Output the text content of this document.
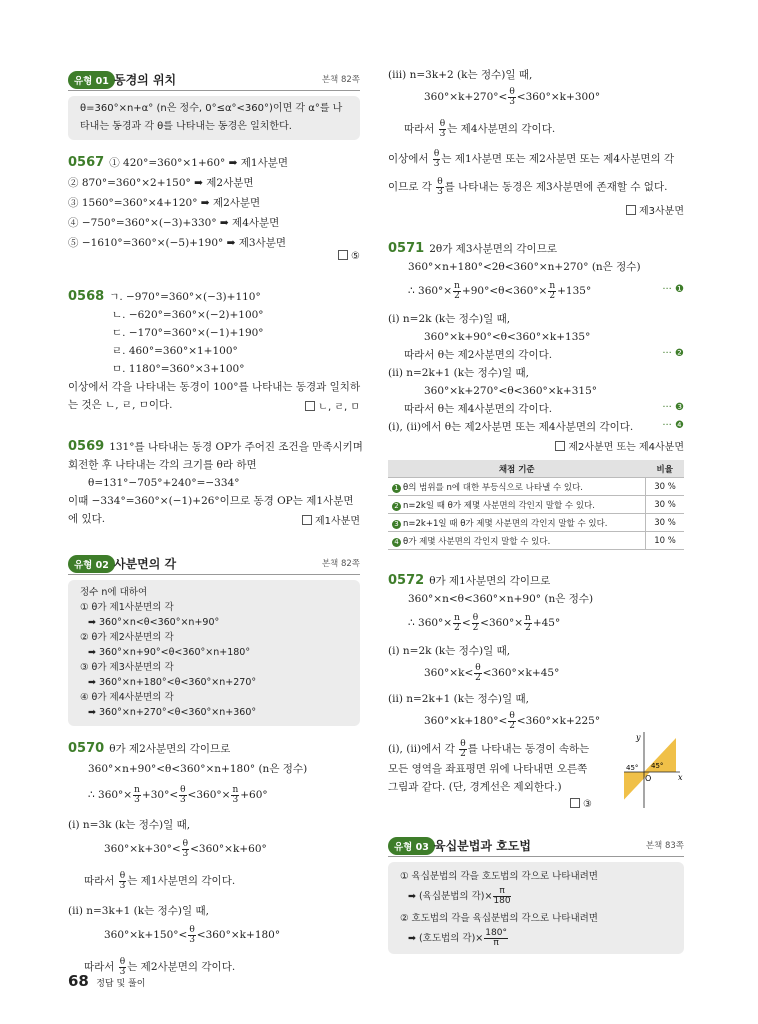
유형 01 동경의 위치	본책 82쪽
θ=360°×n+α° (n은 정수, 0°≤α°<360°)이면 각 α°를 나
타내는 동경과 각 θ를 나타내는 동경은 일치한다.
0567 ① 420°=360°×1+60° ➡ 제1사분면
② 870°=360°×2+150° ➡ 제2사분면
③ 1560°=360°×4+120° ➡ 제2사분면
④ −750°=360°×(−3)+330° ➡ 제4사분면
⑤ −1610°=360°×(−5)+190° ➡ 제3사분면
⑤
0568 ㄱ. −970°=360°×(−3)+110°
ㄴ. −620°=360°×(−2)+100°
ㄷ. −170°=360°×(−1)+190°
ㄹ. 460°=360°×1+100°
ㅁ. 1180°=360°×3+100°
이상에서 각을 나타내는 동경이 100°를 나타내는 동경과 일치하
는 것은 ㄴ, ㄹ, ㅁ이다.	ㄴ, ㄹ, ㅁ
0569 131°를 나타내는 동경 OP가 주어진 조건을 만족시키며
회전한 후 나타내는 각의 크기를 θ라 하면
θ=131°−705°+240°=−334°
이때 −334°=360°×(−1)+26°이므로 동경 OP는 제1사분면
에 있다.	제1사분면
유형 02 사분면의 각	본책 82쪽
정수 n에 대하여
① θ가 제1사분면의 각
➡ 360°×n<θ<360°×n+90°
② θ가 제2사분면의 각
➡ 360°×n+90°<θ<360°×n+180°
③ θ가 제3사분면의 각
➡ 360°×n+180°<θ<360°×n+270°
④ θ가 제4사분면의 각
➡ 360°×n+270°<θ<360°×n+360°
0570 θ가 제2사분면의 각이므로
360°×n+90°<θ<360°×n+180° (n은 정수)
∴ $360^\circ\times \frac{n}{3} +30^\circ< \frac{\theta}{3} <360^\circ\times \frac{n}{3} +60^\circ$
(ⅰ) n=3k (k는 정수)일 때,
$360^\circ\times k+30^\circ< \frac{\theta}{3} <360^\circ\times k+60^\circ$
따라서 $\frac{\theta}{3}$ 는 제1사분면의 각이다.
(ⅱ) n=3k+1 (k는 정수)일 때,
$360^\circ\times k+150^\circ< \frac{\theta}{3} <360^\circ\times k+180^\circ$
따라서 $\frac{\theta}{3}$ 는 제2사분면의 각이다.
(ⅲ) n=3k+2 (k는 정수)일 때,
$360^\circ\times k+270^\circ< \frac{\theta}{3} <360^\circ\times k+300^\circ$
따라서 $\frac{\theta}{3}$ 는 제4사분면의 각이다.
이상에서 $\frac{\theta}{3}$ 는 제1사분면 또는 제2사분면 또는 제4사분면의 각
이므로 각 $\frac{\theta}{3}$ 를 나타내는 동경은 제3사분면에 존재할 수 없다.
제3사분면
0571 2θ가 제3사분면의 각이므로
360°×n+180°<2θ<360°×n+270° (n은 정수)
∴ $360^\circ\times \frac{n}{2} +90^\circ<\theta<360^\circ\times \frac{n}{2} +135^\circ$	··· ❶
(ⅰ) n=2k (k는 정수)일 때,
360°×k+90°<θ<360°×k+135°
따라서 θ는 제2사분면의 각이다.	··· ❷
(ⅱ) n=2k+1 (k는 정수)일 때,
360°×k+270°<θ<360°×k+315°
따라서 θ는 제4사분면의 각이다.	··· ❸
(ⅰ), (ⅱ)에서 θ는 제2사분면 또는 제4사분면의 각이다.	··· ❹
제2사분면 또는 제4사분면
채점 기준	비율
1 θ의 범위를 n에 대한 부등식으로 나타낼 수 있다.	30 %
2 n=2k일 때 θ가 제몇 사분면의 각인지 말할 수 있다.	30 %
3 n=2k+1일 때 θ가 제몇 사분면의 각인지 말할 수 있다.	30 %
4 θ가 제몇 사분면의 각인지 말할 수 있다.	10 %
0572 θ가 제1사분면의 각이므로
360°×n<θ<360°×n+90° (n은 정수)
∴ $360^\circ\times \frac{n}{2} < \frac{\theta}{2} <360^\circ\times \frac{n}{2} +45^\circ$
(ⅰ) n=2k (k는 정수)일 때,
$360^\circ\times k< \frac{\theta}{2} <360^\circ\times k+45^\circ$
(ⅱ) n=2k+1 (k는 정수)일 때,
$360^\circ\times k+180^\circ< \frac{\theta}{2} <360^\circ\times k+225^\circ$
(ⅰ), (ⅱ)에서 각 $\frac{\theta}{2}$ 를 나타내는 동경이 속하는
모든 영역을 좌표평면 위에 나타내면 오른쪽
그림과 같다. (단, 경계선은 제외한다.)
③
y
x
O
45°
45°
유형 03 육십분법과 호도법	본책 83쪽
① 육십분법의 각을 호도법의 각으로 나타내려면
➡ (육십분법의 각)× $\frac{\pi}{180}$
② 호도법의 각을 육십분법의 각으로 나타내려면
➡ (호도법의 각)× $\frac{180^\circ}{\pi}$
68 정답 및 풀이
